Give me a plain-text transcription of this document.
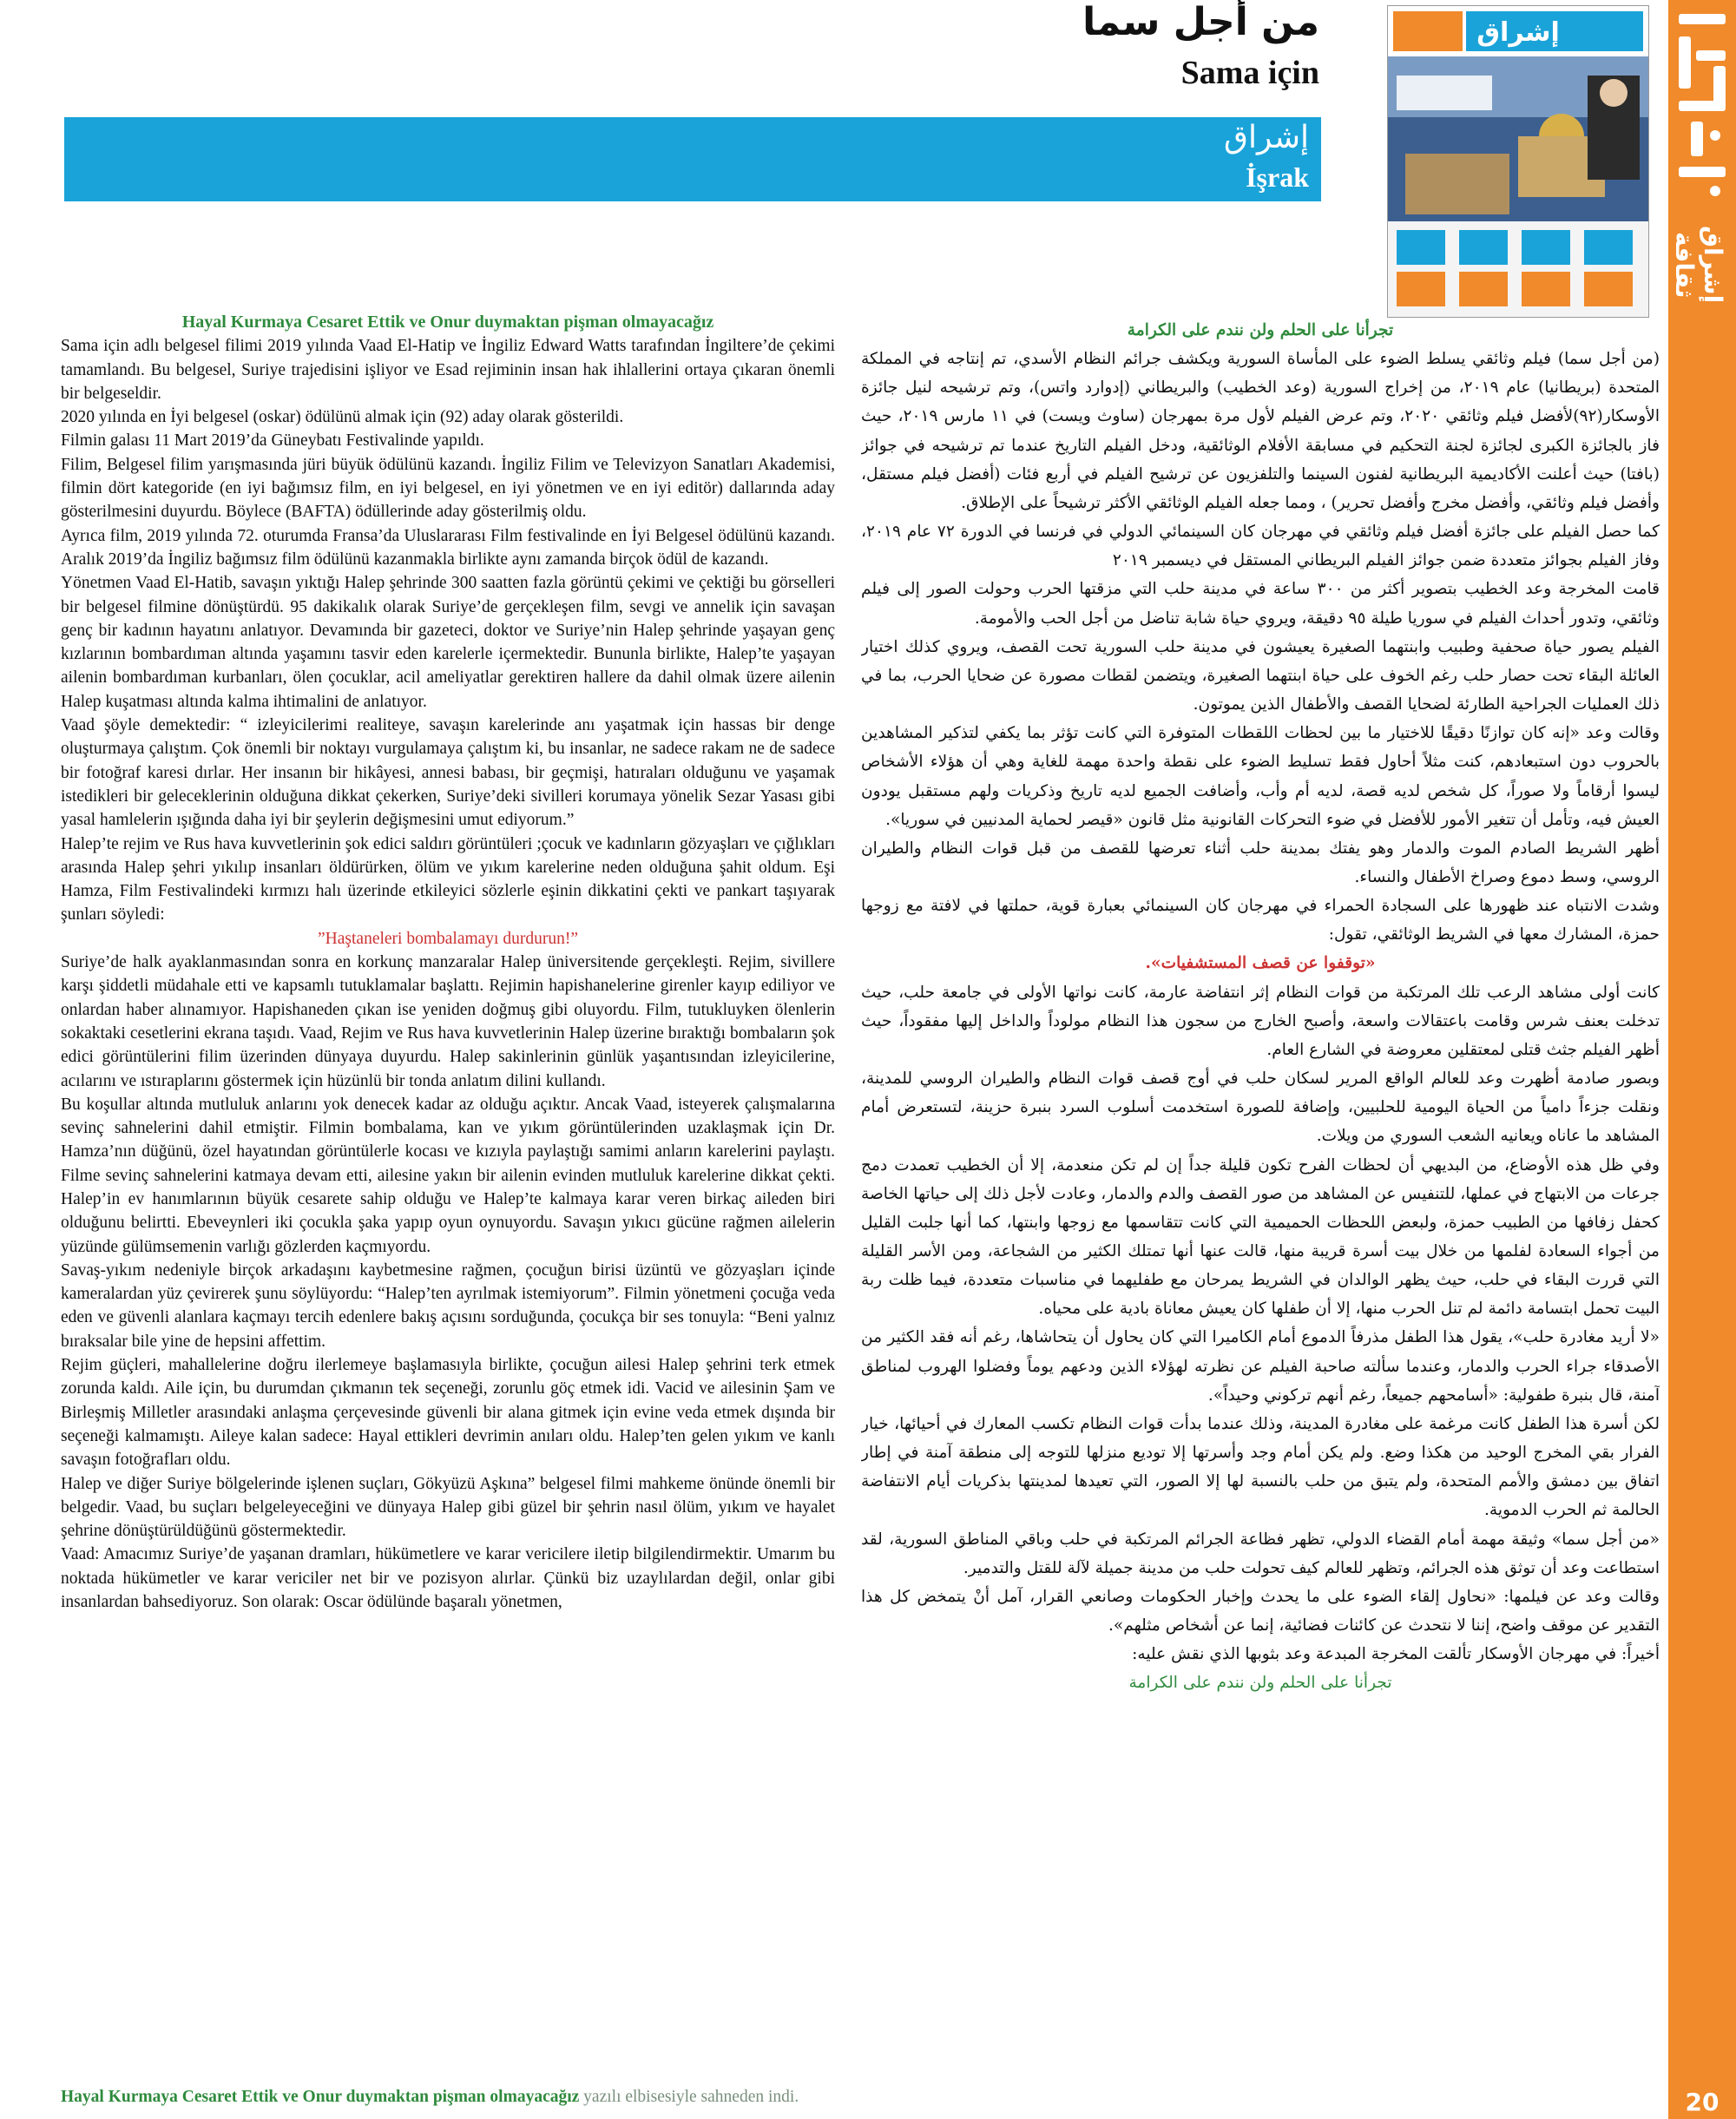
إشراق ثقافة
20
إشراق
من أجل سما
Sama için
إشراق
İşrak

Hayal Kurmaya Cesaret Ettik ve Onur duymaktan pişman olmayacağız

Sama için adlı belgesel filimi 2019 yılında Vaad El-Hatip ve İngiliz Edward Watts tarafından İngiltere’de çekimi tamamlandı. Bu belgesel, Suriye trajedisini işliyor ve Esad rejiminin insan hak ihlallerini ortaya çıkaran önemli bir belgeseldir.

2020 yılında en İyi belgesel (oskar) ödülünü almak için (92) aday olarak gösterildi.

Filmin galası 11 Mart 2019’da Güneybatı Festivalinde yapıldı.

Filim, Belgesel filim yarışmasında jüri büyük ödülünü kazandı. İngiliz Filim ve Televizyon Sanatları Akademisi, filmin dört kategoride (en iyi bağımsız film, en iyi belgesel, en iyi yönetmen ve en iyi editör) dallarında aday gösterilmesini duyurdu. Böylece (BAFTA) ödüllerinde aday gösterilmiş oldu.

Ayrıca film, 2019 yılında 72. oturumda Fransa’da Uluslararası Film festivalinde en İyi Belgesel ödülünü kazandı. Aralık 2019’da İngiliz bağımsız film ödülünü kazanmakla birlikte aynı zamanda birçok ödül de kazandı.

Yönetmen Vaad El-Hatib, savaşın yıktığı Halep şehrinde 300 saatten fazla görüntü çekimi ve çektiği bu görselleri bir belgesel filmine dönüştürdü. 95 dakikalık olarak Suriye’de gerçekleşen film, sevgi ve annelik için savaşan genç bir kadının hayatını anlatıyor. Devamında bir gazeteci, doktor ve Suriye’nin Halep şehrinde yaşayan genç kızlarının bombardıman altında yaşamını tasvir eden karelerle içermektedir. Bununla birlikte, Halep’te yaşayan ailenin bombardıman kurbanları, ölen çocuklar, acil ameliyatlar gerektiren hallere da dahil olmak üzere ailenin Halep kuşatması altında kalma ihtimalini de anlatıyor.

Vaad şöyle demektedir: “ izleyicilerimi realiteye, savaşın karelerinde anı yaşatmak için hassas bir denge oluşturmaya çalıştım. Çok önemli bir noktayı vurgulamaya çalıştım ki, bu insanlar, ne sadece rakam ne de sadece bir fotoğraf karesi dırlar. Her insanın bir hikâyesi, annesi babası, bir geçmişi, hatıraları olduğunu ve yaşamak istedikleri bir geleceklerinin olduğuna dikkat çekerken, Suriye’deki sivilleri korumaya yönelik Sezar Yasası gibi yasal hamlelerin ışığında daha iyi bir şeylerin değişmesini umut ediyorum.”

Halep’te rejim ve Rus hava kuvvetlerinin şok edici saldırı görüntüleri ;çocuk ve kadınların gözyaşları ve çığlıkları arasında Halep şehri yıkılıp insanları öldürürken, ölüm ve yıkım karelerine neden olduğuna şahit oldum. Eşi Hamza, Film Festivalindeki kırmızı halı üzerinde etkileyici sözlerle eşinin dikkatini çekti ve pankart taşıyarak şunları söyledi:

”Haştaneleri bombalamayı durdurun!”

Suriye’de halk ayaklanmasından sonra en korkunç manzaralar Halep üniversitende gerçekleşti. Rejim, sivillere karşı şiddetli müdahale etti ve kapsamlı tutuklamalar başlattı. Rejimin hapishanelerine girenler kayıp ediliyor ve onlardan haber alınamıyor. Hapishaneden çıkan ise yeniden doğmuş gibi oluyordu. Film, tutukluyken ölenlerin sokaktaki cesetlerini ekrana taşıdı. Vaad, Rejim ve Rus hava kuvvetlerinin Halep üzerine bıraktığı bombaların şok edici görüntülerini filim üzerinden dünyaya duyurdu. Halep sakinlerinin günlük yaşantısından izleyicilerine, acılarını ve ıstıraplarını göstermek için hüzünlü bir tonda anlatım dilini kullandı.

Bu koşullar altında mutluluk anlarını yok denecek kadar az olduğu açıktır. Ancak Vaad, isteyerek çalışmalarına sevinç sahnelerini dahil etmiştir. Filmin bombalama, kan ve yıkım görüntülerinden uzaklaşmak için Dr. Hamza’nın düğünü, özel hayatından görüntülerle kocası ve kızıyla paylaştığı samimi anların karelerini paylaştı. Filme sevinç sahnelerini katmaya devam etti, ailesine yakın bir ailenin evinden mutluluk karelerine dikkat çekti. Halep’in ev hanımlarının büyük cesarete sahip olduğu ve Halep’te kalmaya karar veren birkaç aileden biri olduğunu belirtti. Ebeveynleri iki çocukla şaka yapıp oyun oynuyordu. Savaşın yıkıcı gücüne rağmen ailelerin yüzünde gülümsemenin varlığı gözlerden kaçmıyordu.

Savaş-yıkım nedeniyle birçok arkadaşını kaybetmesine rağmen, çocuğun birisi üzüntü ve gözyaşları içinde kameralardan yüz çevirerek şunu söylüyordu: “Halep’ten ayrılmak istemiyorum”. Filmin yönetmeni çocuğa veda eden ve güvenli alanlara kaçmayı tercih edenlere bakış açısını sorduğunda, çocukça bir ses tonuyla: “Beni yalnız bıraksalar bile yine de hepsini affettim.

Rejim güçleri, mahallelerine doğru ilerlemeye başlamasıyla birlikte, çocuğun ailesi Halep şehrini terk etmek zorunda kaldı. Aile için, bu durumdan çıkmanın tek seçeneği, zorunlu göç etmek idi. Vacid ve ailesinin Şam ve Birleşmiş Milletler arasındaki anlaşma çerçevesinde güvenli bir alana gitmek için evine veda etmek dışında bir seçeneği kalmamıştı. Aileye kalan sadece: Hayal ettikleri devrimin anıları oldu. Halep’ten gelen yıkım ve kanlı savaşın fotoğrafları oldu.

Halep ve diğer Suriye bölgelerinde işlenen suçları, Gökyüzü Aşkına” belgesel filmi mahkeme önünde önemli bir belgedir. Vaad, bu suçları belgeleyeceğini ve dünyaya Halep gibi güzel bir şehrin nasıl ölüm, yıkım ve hayalet şehrine dönüştürüldüğünü göstermektedir.

Vaad: Amacımız Suriye’de yaşanan dramları, hükümetlere ve karar vericilere iletip bilgilendirmektir. Umarım bu noktada hükümetler ve karar vericiler net bir ve pozisyon alırlar. Çünkü biz uzaylılardan değil, onlar gibi insanlardan bahsediyoruz. Son olarak: Oscar ödülünde başaralı yönetmen,

Hayal Kurmaya Cesaret Ettik ve Onur duymaktan pişman olmayacağız yazılı elbisesiyle sahneden indi.

تجرأنا على الحلم ولن نندم على الكرامة

(من أجل سما) فيلم وثائقي يسلط الضوء على المأساة السورية ويكشف جرائم النظام الأسدي، تم إنتاجه في المملكة المتحدة (بريطانيا) عام ٢٠١٩، من إخراج السورية (وعد الخطيب) والبريطاني (إدوارد واتس)، وتم ترشيحه لنيل جائزة الأوسكار(٩٢)لأفضل فيلم وثائقي ٢٠٢٠، وتم عرض الفيلم لأول مرة بمهرجان (ساوث ويست) في ١١ مارس ٢٠١٩، حيث فاز بالجائزة الكبرى لجائزة لجنة التحكيم في مسابقة الأفلام الوثائقية، ودخل الفيلم التاريخ عندما تم ترشيحه في جوائز (بافتا) حيث أعلنت الأكاديمية البريطانية لفنون السينما والتلفزيون عن ترشيح الفيلم في أربع فئات (أفضل فيلم مستقل، وأفضل فيلم وثائقي، وأفضل مخرج وأفضل تحرير) ، ومما جعله الفيلم الوثائقي الأكثر ترشيحاً على الإطلاق.

كما حصل الفيلم على جائزة أفضل فيلم وثائقي في مهرجان كان السينمائي الدولي في فرنسا في الدورة ٧٢ عام ٢٠١٩، وفاز الفيلم بجوائز متعددة ضمن جوائز الفيلم البريطاني المستقل في ديسمبر ٢٠١٩

قامت المخرجة وعد الخطيب بتصوير أكثر من ٣٠٠ ساعة في مدينة حلب التي مزقتها الحرب وحولت الصور إلى فيلم وثائقي، وتدور أحداث الفيلم في سوريا طيلة ٩٥ دقيقة، ويروي حياة شابة تناضل من أجل الحب والأمومة.

الفيلم يصور حياة صحفية وطبيب وابنتهما الصغيرة يعيشون في مدينة حلب السورية تحت القصف، ويروي كذلك اختيار العائلة البقاء تحت حصار حلب رغم الخوف على حياة ابنتهما الصغيرة، ويتضمن لقطات مصورة عن ضحايا الحرب، بما في ذلك العمليات الجراحية الطارئة لضحايا القصف والأطفال الذين يموتون.

وقالت وعد «إنه كان توازنًا دقيقًا للاختيار ما بين لحظات اللقطات المتوفرة التي كانت تؤثر بما يكفي لتذكير المشاهدين بالحروب دون استبعادهم، كنت مثلاً أحاول فقط تسليط الضوء على نقطة واحدة مهمة للغاية وهي أن هؤلاء الأشخاص ليسوا أرقاماً ولا صوراً، كل شخص لديه قصة، لديه أم وأب، وأضافت الجميع لديه تاريخ وذكريات ولهم مستقبل يودون العيش فيه، وتأمل أن تتغير الأمور للأفضل في ضوء التحركات القانونية مثل قانون «قيصر لحماية المدنيين في سوريا».

أظهر الشريط الصادم الموت والدمار وهو يفتك بمدينة حلب أثناء تعرضها للقصف من قبل قوات النظام والطيران الروسي، وسط دموع وصراخ الأطفال والنساء.

وشدت الانتباه عند ظهورها على السجادة الحمراء في مهرجان كان السينمائي بعبارة قوية، حملتها في لافتة مع زوجها حمزة، المشارك معها في الشريط الوثائقي، تقول:

«توقفوا عن قصف المستشفيات».

كانت أولى مشاهد الرعب تلك المرتكبة من قوات النظام إثر انتفاضة عارمة، كانت نواتها الأولى في جامعة حلب، حيث تدخلت بعنف شرس وقامت باعتقالات واسعة، وأصبح الخارج من سجون هذا النظام مولوداً والداخل إليها مفقوداً، حيث أظهر الفيلم جثث قتلى لمعتقلين معروضة في الشارع العام.

وبصور صادمة أظهرت وعد للعالم الواقع المرير لسكان حلب في أوج قصف قوات النظام والطيران الروسي للمدينة، ونقلت جزءاً دامياً من الحياة اليومية للحلبيين، وإضافة للصورة استخدمت أسلوب السرد بنبرة حزينة، لتستعرض أمام المشاهد ما عاناه ويعانيه الشعب السوري من ويلات.

وفي ظل هذه الأوضاع، من البديهي أن لحظات الفرح تكون قليلة جداً إن لم تكن منعدمة، إلا أن الخطيب تعمدت دمج جرعات من الابتهاج في عملها، للتنفيس عن المشاهد من صور القصف والدم والدمار، وعادت لأجل ذلك إلى حياتها الخاصة كحفل زفافها من الطبيب حمزة، ولبعض اللحظات الحميمية التي كانت تتقاسمها مع زوجها وابنتها، كما أنها جلبت القليل من أجواء السعادة لفلمها من خلال بيت أسرة قريبة منها، قالت عنها أنها تمتلك الكثير من الشجاعة، ومن الأسر القليلة التي قررت البقاء في حلب، حيث يظهر الوالدان في الشريط يمرحان مع طفليهما في مناسبات متعددة، فيما ظلت ربة البيت تحمل ابتسامة دائمة لم تنل الحرب منها، إلا أن طفلها كان يعيش معاناة بادية على محياه.

«لا أريد مغادرة حلب»، يقول هذا الطفل مذرفاً الدموع أمام الكاميرا التي كان يحاول أن يتحاشاها، رغم أنه فقد الكثير من الأصدقاء جراء الحرب والدمار، وعندما سألته صاحبة الفيلم عن نظرته لهؤلاء الذين ودعهم يوماً وفضلوا الهروب لمناطق آمنة، قال بنبرة طفولية: «أسامحهم جميعاً، رغم أنهم تركوني وحيداً».

لكن أسرة هذا الطفل كانت مرغمة على مغادرة المدينة، وذلك عندما بدأت قوات النظام تكسب المعارك في أحيائها، خيار الفرار بقي المخرج الوحيد من هكذا وضع. ولم يكن أمام وجد وأسرتها إلا توديع منزلها للتوجه إلى منطقة آمنة في إطار اتفاق بين دمشق والأمم المتحدة، ولم يتبق من حلب بالنسبة لها إلا الصور، التي تعيدها لمدينتها بذكريات أيام الانتفاضة الحالمة ثم الحرب الدموية.

«من أجل سما» وثيقة مهمة أمام القضاء الدولي، تظهر فظاعة الجرائم المرتكبة في حلب وباقي المناطق السورية، لقد استطاعت وعد أن توثق هذه الجرائم، وتظهر للعالم كيف تحولت حلب من مدينة جميلة لآلة للقتل والتدمير.

وقالت وعد عن فيلمها: «نحاول إلقاء الضوء على ما يحدث وإخبار الحكومات وصانعي القرار، آمل أنْ يتمخض كل هذا التقدير عن موقف واضح، إننا لا نتحدث عن كائنات فضائية، إنما عن أشخاص مثلهم».

أخيراً: في مهرجان الأوسكار تألقت المخرجة المبدعة وعد بثوبها الذي نقش عليه:

تجرأنا على الحلم ولن نندم على الكرامة
